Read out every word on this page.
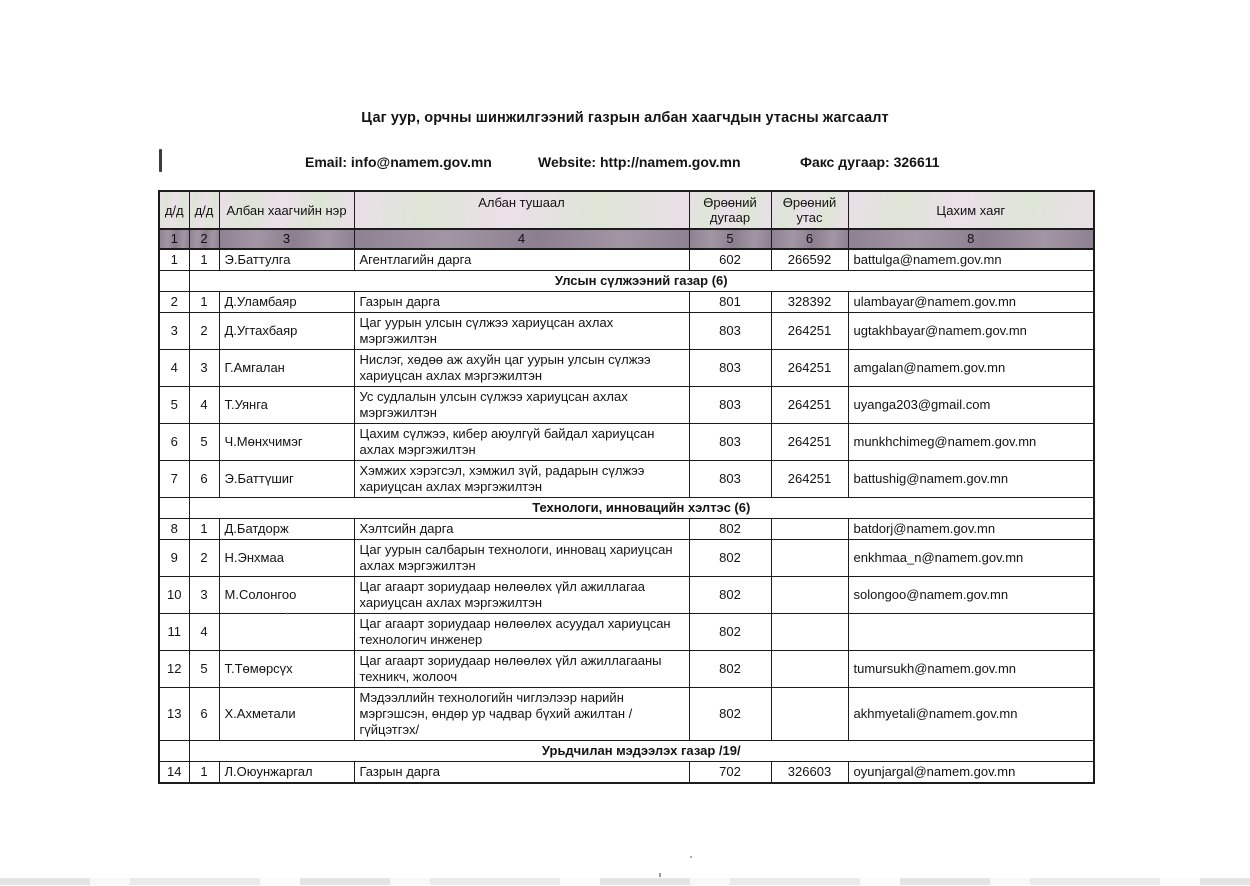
Цаг уур, орчны шинжилгээний газрын албан хаагчдын утасны жагсаалт
Email: info@namem.gov.mn	Website: http://namem.gov.mn	Факс дугаар: 326611
д/д	д/д	Албан хаагчийн нэр	Албан тушаал	Өрөөний дугаар	Өрөөний утас	Цахим хаяг
1	2	3	4	5	6	8
1	1	Э.Баттулга	Агентлагийн дарга	602	266592	battulga@namem.gov.mn
	Улсын сүлжээний газар (6)					
2	1	Д.Уламбаяр	Газрын дарга	801	328392	ulambayar@namem.gov.mn
3	2	Д.Угтахбаяр	Цаг уурын улсын сүлжээ хариуцсан ахлах мэргэжилтэн	803	264251	ugtakhbayar@namem.gov.mn
4	3	Г.Амгалан	Нислэг, хөдөө аж ахуйн цаг уурын улсын сүлжээ хариуцсан ахлах мэргэжилтэн	803	264251	amgalan@namem.gov.mn
5	4	Т.Уянга	Ус судлалын улсын сүлжээ хариуцсан ахлах мэргэжилтэн	803	264251	uyanga203@gmail.com
6	5	Ч.Мөнхчимэг	Цахим сүлжээ, кибер аюулгүй байдал хариуцсан ахлах мэргэжилтэн	803	264251	munkhchimeg@namem.gov.mn
7	6	Э.Баттүшиг	Хэмжих хэрэгсэл, хэмжил зүй, радарын сүлжээ хариуцсан ахлах мэргэжилтэн	803	264251	battushig@namem.gov.mn
	Технологи, инновацийн хэлтэс (6)					
8	1	Д.Батдорж	Хэлтсийн дарга	802		batdorj@namem.gov.mn
9	2	Н.Энхмаа	Цаг уурын салбарын технологи, инновац хариуцсан ахлах мэргэжилтэн	802		enkhmaa_n@namem.gov.mn
10	3	М.Солонгоо	Цаг агаарт зориудаар нөлөөлөх үйл ажиллагаа хариуцсан ахлах мэргэжилтэн	802		solongoo@namem.gov.mn
11	4		Цаг агаарт зориудаар нөлөөлөх асуудал хариуцсан технологич инженер	802		
12	5	Т.Төмөрсүх	Цаг агаарт зориудаар нөлөөлөх үйл ажиллагааны техникч, жолооч	802		tumursukh@namem.gov.mn
13	6	Х.Ахметали	Мэдээллийн технологийн чиглэлээр нарийн мэргэшсэн, өндөр ур чадвар бүхий ажилтан /гүйцэтгэх/	802		akhmyetali@namem.gov.mn
	Урьдчилан мэдээлэх газар /19/					
14	1	Л.Оюунжаргал	Газрын дарга	702	326603	oyunjargal@namem.gov.mn
’
